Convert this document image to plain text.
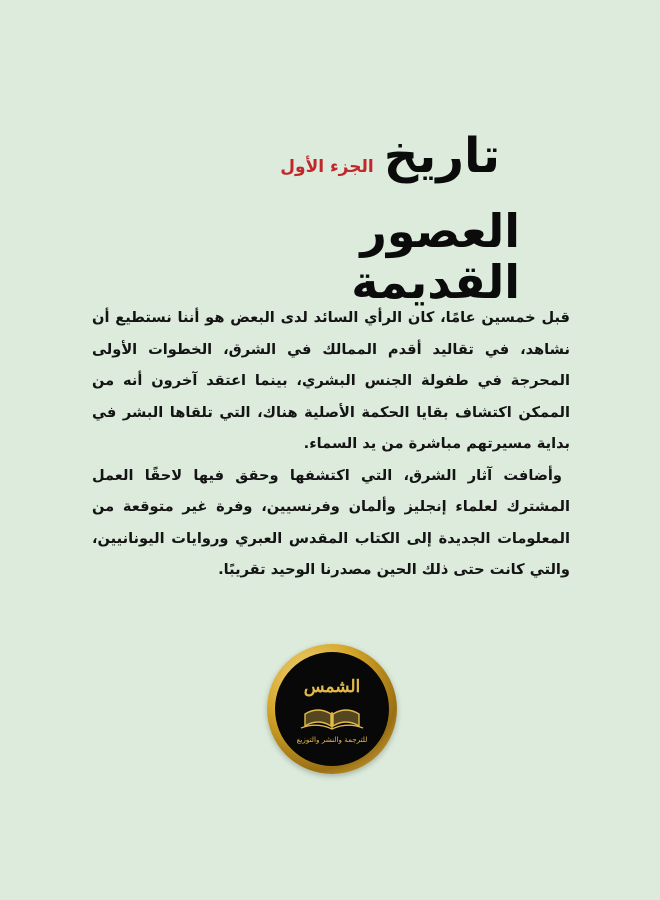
تاريخ
الجزء الأول
العصور القديمة

قبل خمسين عامًا، كان الرأي السائد لدى البعض هو أننا نستطيع أن نشاهد، في تقاليد أقدم الممالك في الشرق، الخطوات الأولى المحرجة في طفولة الجنس البشري، بينما اعتقد آخرون أنه من الممكن اكتشاف بقايا الحكمة الأصلية هناك، التي تلقاها البشر في بداية مسيرتهم مباشرة من يد السماء.

وأضافت آثار الشرق، التي اكتشفها وحقق فيها لاحقًا العمل المشترك لعلماء إنجليز وألمان وفرنسيين، وفرة غير متوقعة من المعلومات الجديدة إلى الكتاب المقدس العبري وروايات اليونانيين، والتي كانت حتى ذلك الحين مصدرنا الوحيد تقريبًا.

الشمس
للترجمة والنشر والتوزيع
